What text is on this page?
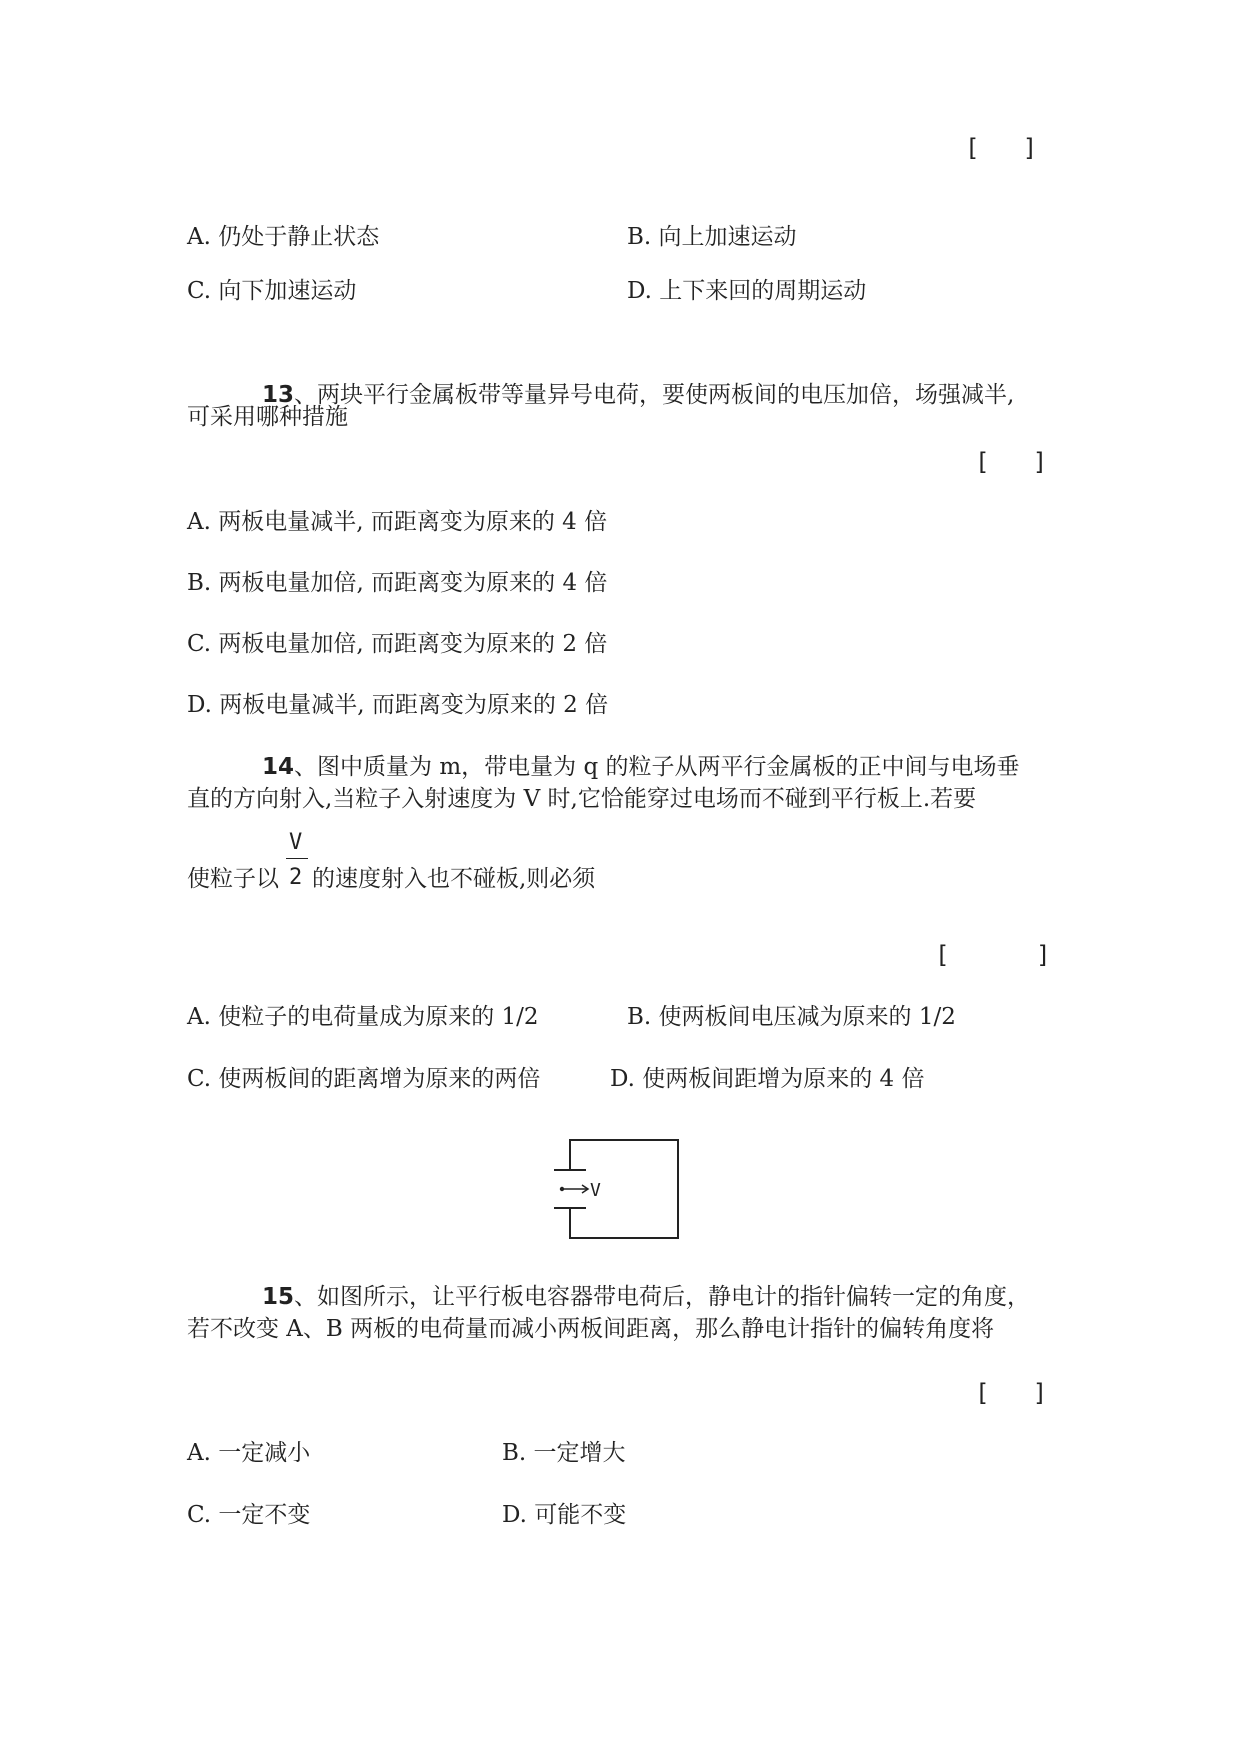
[   ]
A. 仍处于静止状态	B. 向上加速运动
C. 向下加速运动	D. 上下来回的周期运动
13、两块平行金属板带等量异号电荷，要使两板间的电压加倍，场强减半,
可采用哪种措施
[   ]
A. 两板电量减半, 而距离变为原来的 4 倍
B. 两板电量加倍, 而距离变为原来的 4 倍
C. 两板电量加倍, 而距离变为原来的 2 倍
D. 两板电量减半, 而距离变为原来的 2 倍
14、图中质量为 m，带电量为 q 的粒子从两平行金属板的正中间与电场垂
直的方向射入,当粒子入射速度为 V 时,它恰能穿过电场而不碰到平行板上.若要
使粒子以
V
2 的速度射入也不碰板,则必须
[      ]
A. 使粒子的电荷量成为原来的 1/2	B. 使两板间电压减为原来的 1/2
C. 使两板间的距离增为原来的两倍	D. 使两板间距增为原来的 4 倍
V
15、如图所示，让平行板电容器带电荷后，静电计的指针偏转一定的角度，
若不改变 A、B 两板的电荷量而减小两板间距离，那么静电计指针的偏转角度将
[   ]
A. 一定减小	B. 一定增大
C. 一定不变	D. 可能不变
